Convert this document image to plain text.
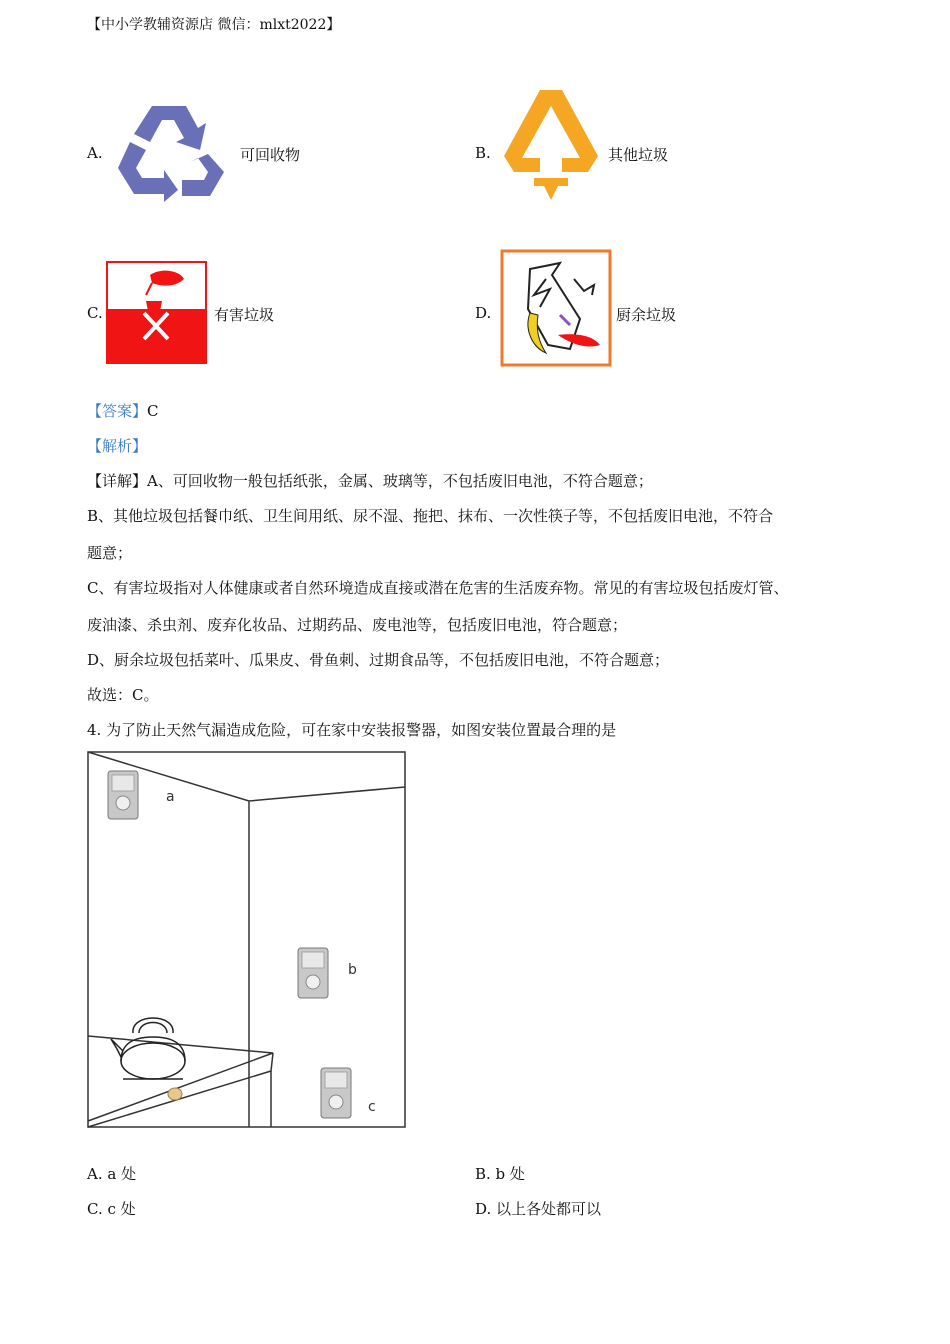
【中小学教辅资源店 微信：mlxt2022】
A.	可回收物	B.	其他垃圾
C.	有害垃圾	D.	厨余垃圾
【答案】C
【解析】
【详解】A、可回收物一般包括纸张，金属、玻璃等，不包括废旧电池，不符合题意；
B、其他垃圾包括餐巾纸、卫生间用纸、尿不湿、拖把、抹布、一次性筷子等，不包括废旧电池，不符合
题意；
C、有害垃圾指对人体健康或者自然环境造成直接或潜在危害的生活废弃物。常见的有害垃圾包括废灯管、
废油漆、杀虫剂、废弃化妆品、过期药品、废电池等，包括废旧电池，符合题意；
D、厨余垃圾包括菜叶、瓜果皮、骨鱼刺、过期食品等，不包括废旧电池，不符合题意；
故选：C。
4. 为了防止天然气漏造成危险，可在家中安装报警器，如图安装位置最合理的是
a
b
c
A. a 处	B. b 处
C. c 处	D. 以上各处都可以
